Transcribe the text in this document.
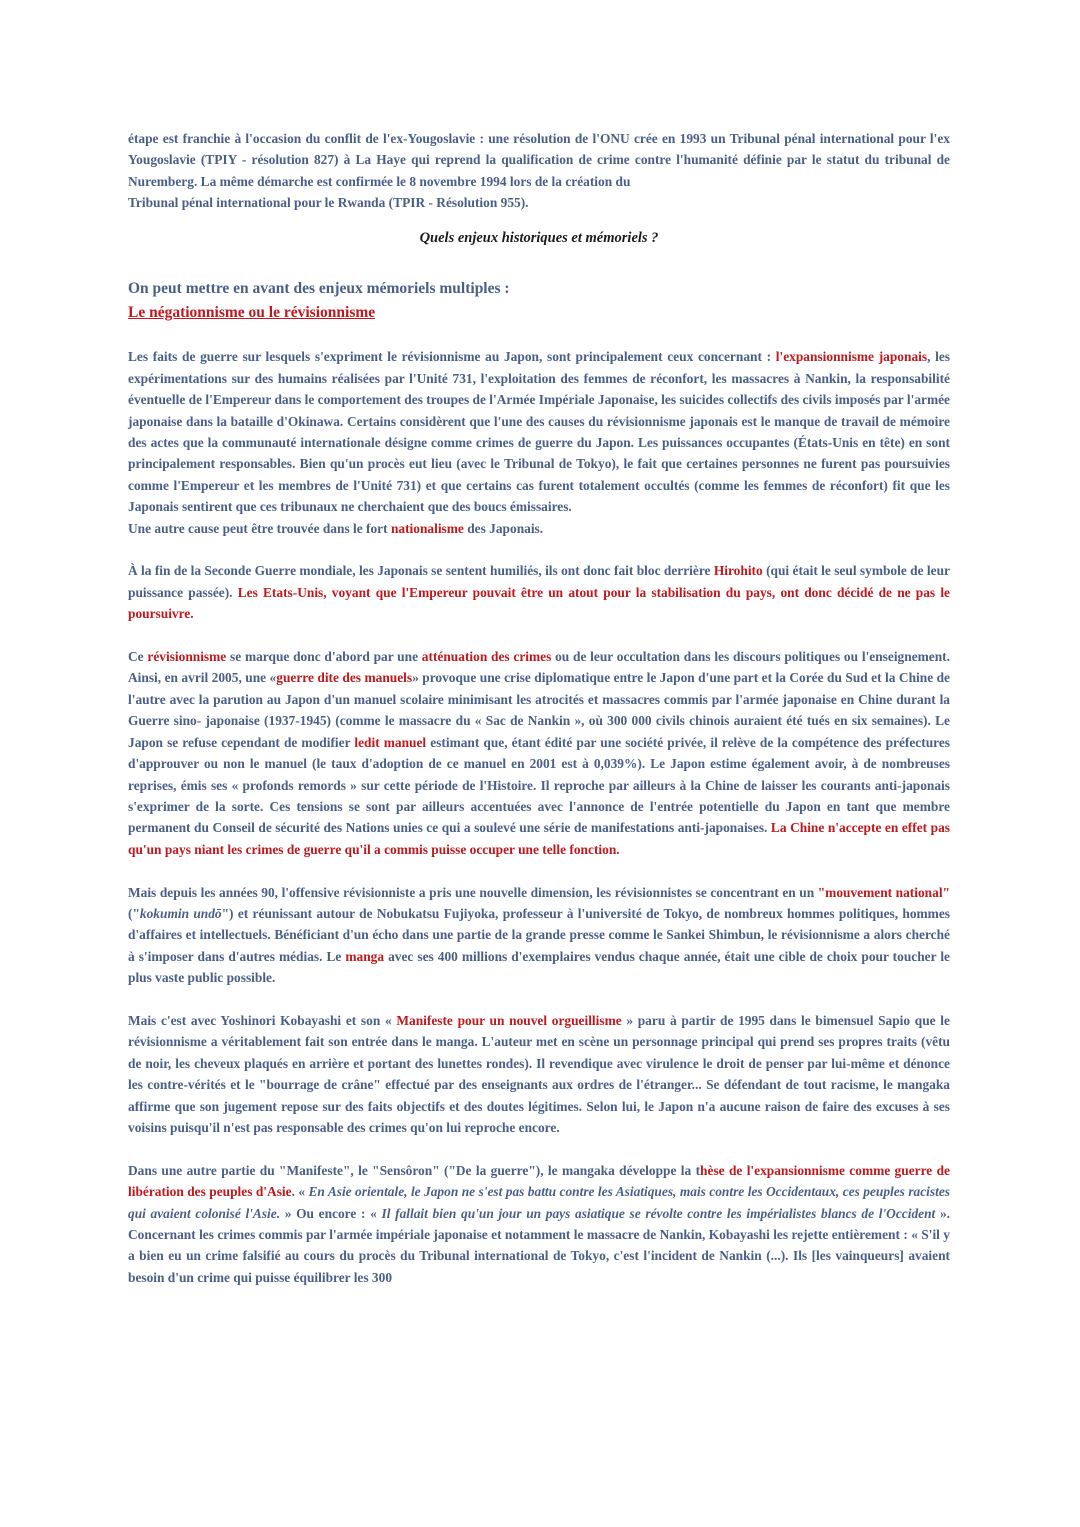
étape est franchie à l'occasion du conflit de l'ex-Yougoslavie : une résolution de l'ONU crée en 1993 un Tribunal pénal international pour l'ex Yougoslavie (TPIY - résolution 827) à La Haye qui reprend la qualification de crime contre l'humanité définie par le statut du tribunal de Nuremberg. La même démarche est confirmée le 8 novembre 1994 lors de la création du
Tribunal pénal international pour le Rwanda (TPIR - Résolution 955).

Quels enjeux historiques et mémoriels ?

On peut mettre en avant des enjeux mémoriels multiples :

Le négationnisme ou le révisionnisme

Les faits de guerre sur lesquels s'expriment le révisionnisme au Japon, sont principalement ceux concernant : l'expansionnisme japonais, les expérimentations sur des humains réalisées par l'Unité 731, l'exploitation des femmes de réconfort, les massacres à Nankin, la responsabilité éventuelle de l'Empereur dans le comportement des troupes de l'Armée Impériale Japonaise, les suicides collectifs des civils imposés par l'armée japonaise dans la bataille d'Okinawa. Certains considèrent que l'une des causes du révisionnisme japonais est le manque de travail de mémoire des actes que la communauté internationale désigne comme crimes de guerre du Japon. Les puissances occupantes (États-Unis en tête) en sont principalement responsables. Bien qu'un procès eut lieu (avec le Tribunal de Tokyo), le fait que certaines personnes ne furent pas poursuivies comme l'Empereur et les membres de l'Unité 731) et que certains cas furent totalement occultés (comme les femmes de réconfort) fit que les Japonais sentirent que ces tribunaux ne cherchaient que des boucs émissaires.
Une autre cause peut être trouvée dans le fort nationalisme des Japonais.

À la fin de la Seconde Guerre mondiale, les Japonais se sentent humiliés, ils ont donc fait bloc derrière Hirohito (qui était le seul symbole de leur puissance passée). Les Etats-Unis, voyant que l'Empereur pouvait être un atout pour la stabilisation du pays, ont donc décidé de ne pas le poursuivre.

Ce révisionnisme se marque donc d'abord par une atténuation des crimes ou de leur occultation dans les discours politiques ou l'enseignement. Ainsi, en avril 2005, une «guerre dite des manuels» provoque une crise diplomatique entre le Japon d'une part et la Corée du Sud et la Chine de l'autre avec la parution au Japon d'un manuel scolaire minimisant les atrocités et massacres commis par l'armée japonaise en Chine durant la Guerre sino- japonaise (1937-1945) (comme le massacre du « Sac de Nankin », où 300 000 civils chinois auraient été tués en six semaines). Le Japon se refuse cependant de modifier ledit manuel estimant que, étant édité par une société privée, il relève de la compétence des préfectures d'approuver ou non le manuel (le taux d'adoption de ce manuel en 2001 est à 0,039%). Le Japon estime également avoir, à de nombreuses reprises, émis ses « profonds remords » sur cette période de l'Histoire. Il reproche par ailleurs à la Chine de laisser les courants anti-japonais s'exprimer de la sorte. Ces tensions se sont par ailleurs accentuées avec l'annonce de l'entrée potentielle du Japon en tant que membre permanent du Conseil de sécurité des Nations unies ce qui a soulevé une série de manifestations anti-japonaises. La Chine n'accepte en effet pas qu'un pays niant les crimes de guerre qu'il a commis puisse occuper une telle fonction.

Mais depuis les années 90, l'offensive révisionniste a pris une nouvelle dimension, les révisionnistes se concentrant en un "mouvement national" ("kokumin undō") et réunissant autour de Nobukatsu Fujiyoka, professeur à l'université de Tokyo, de nombreux hommes politiques, hommes d'affaires et intellectuels. Bénéficiant d'un écho dans une partie de la grande presse comme le Sankei Shimbun, le révisionnisme a alors cherché à s'imposer dans d'autres médias. Le manga avec ses 400 millions d'exemplaires vendus chaque année, était une cible de choix pour toucher le plus vaste public possible.

Mais c'est avec Yoshinori Kobayashi et son « Manifeste pour un nouvel orgueillisme » paru à partir de 1995 dans le bimensuel Sapio que le révisionnisme a véritablement fait son entrée dans le manga. L'auteur met en scène un personnage principal qui prend ses propres traits (vêtu de noir, les cheveux plaqués en arrière et portant des lunettes rondes). Il revendique avec virulence le droit de penser par lui-même et dénonce les contre-vérités et le "bourrage de crâne" effectué par des enseignants aux ordres de l'étranger... Se défendant de tout racisme, le mangaka affirme que son jugement repose sur des faits objectifs et des doutes légitimes. Selon lui, le Japon n'a aucune raison de faire des excuses à ses voisins puisqu'il n'est pas responsable des crimes qu'on lui reproche encore.

Dans une autre partie du "Manifeste", le "Sensôron" ("De la guerre"), le mangaka développe la thèse de l'expansionnisme comme guerre de libération des peuples d'Asie. « En Asie orientale, le Japon ne s'est pas battu contre les Asiatiques, mais contre les Occidentaux, ces peuples racistes qui avaient colonisé l'Asie. » Ou encore : « Il fallait bien qu'un jour un pays asiatique se révolte contre les impérialistes blancs de l'Occident ». Concernant les crimes commis par l'armée impériale japonaise et notamment le massacre de Nankin, Kobayashi les rejette entièrement : « S'il y a bien eu un crime falsifié au cours du procès du Tribunal international de Tokyo, c'est l'incident de Nankin (...). Ils [les vainqueurs] avaient besoin d'un crime qui puisse équilibrer les 300
